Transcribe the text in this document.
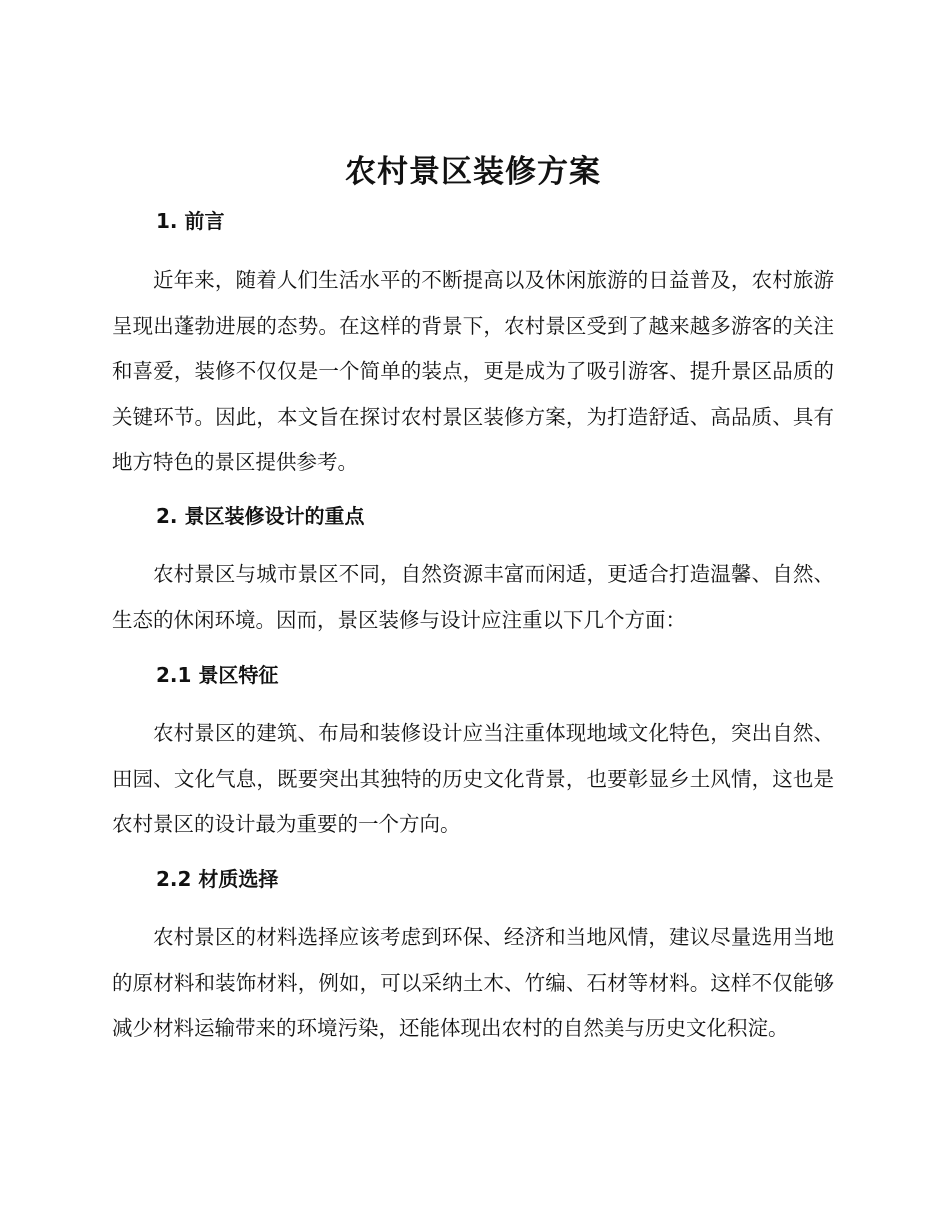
农村景区装修方案
1. 前言

近年来，随着人们生活水平的不断提高以及休闲旅游的日益普及，农村旅游呈现出蓬勃进展的态势。在这样的背景下，农村景区受到了越来越多游客的关注和喜爱，装修不仅仅是一个简单的装点，更是成为了吸引游客、提升景区品质的关键环节。因此，本文旨在探讨农村景区装修方案，为打造舒适、高品质、具有地方特色的景区提供参考。

2. 景区装修设计的重点

农村景区与城市景区不同，自然资源丰富而闲适，更适合打造温馨、自然、生态的休闲环境。因而，景区装修与设计应注重以下几个方面：

2.1 景区特征

农村景区的建筑、布局和装修设计应当注重体现地域文化特色，突出自然、田园、文化气息，既要突出其独特的历史文化背景，也要彰显乡土风情，这也是农村景区的设计最为重要的一个方向。

2.2 材质选择

农村景区的材料选择应该考虑到环保、经济和当地风情，建议尽量选用当地的原材料和装饰材料，例如，可以采纳土木、竹编、石材等材料。这样不仅能够减少材料运输带来的环境污染，还能体现出农村的自然美与历史文化积淀。
